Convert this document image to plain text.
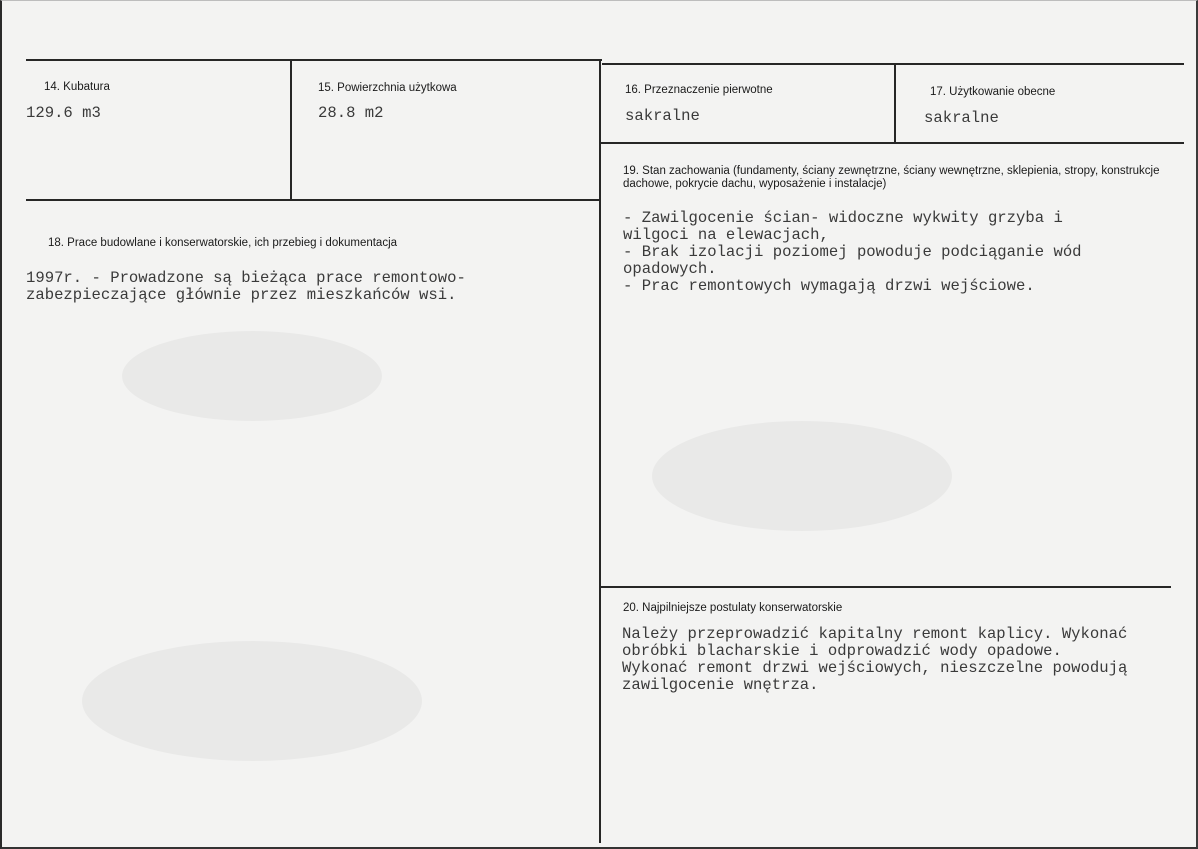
14. Kubatura
129.6 m3
15. Powierzchnia użytkowa
28.8 m2
16. Przeznaczenie pierwotne
sakralne
17. Użytkowanie obecne
sakralne
18. Prace budowlane i konserwatorskie, ich przebieg i dokumentacja
1997r. - Prowadzone są bieżąca prace remontowo-
zabezpieczające głównie przez mieszkańców wsi.
19. Stan zachowania (fundamenty, ściany zewnętrzne, ściany wewnętrzne, sklepienia, stropy, konstrukcje dachowe, pokrycie dachu, wyposażenie i instalacje)
- Zawilgocenie ścian- widoczne wykwity grzyba i
wilgoci na elewacjach,
- Brak izolacji poziomej powoduje podciąganie wód
opadowych.
- Prac remontowych wymagają drzwi wejściowe.
20. Najpilniejsze postulaty konserwatorskie
Należy przeprowadzić kapitalny remont kaplicy. Wykonać
obróbki blacharskie i odprowadzić wody opadowe.
Wykonać remont drzwi wejściowych, nieszczelne powodują
zawilgocenie wnętrza.
